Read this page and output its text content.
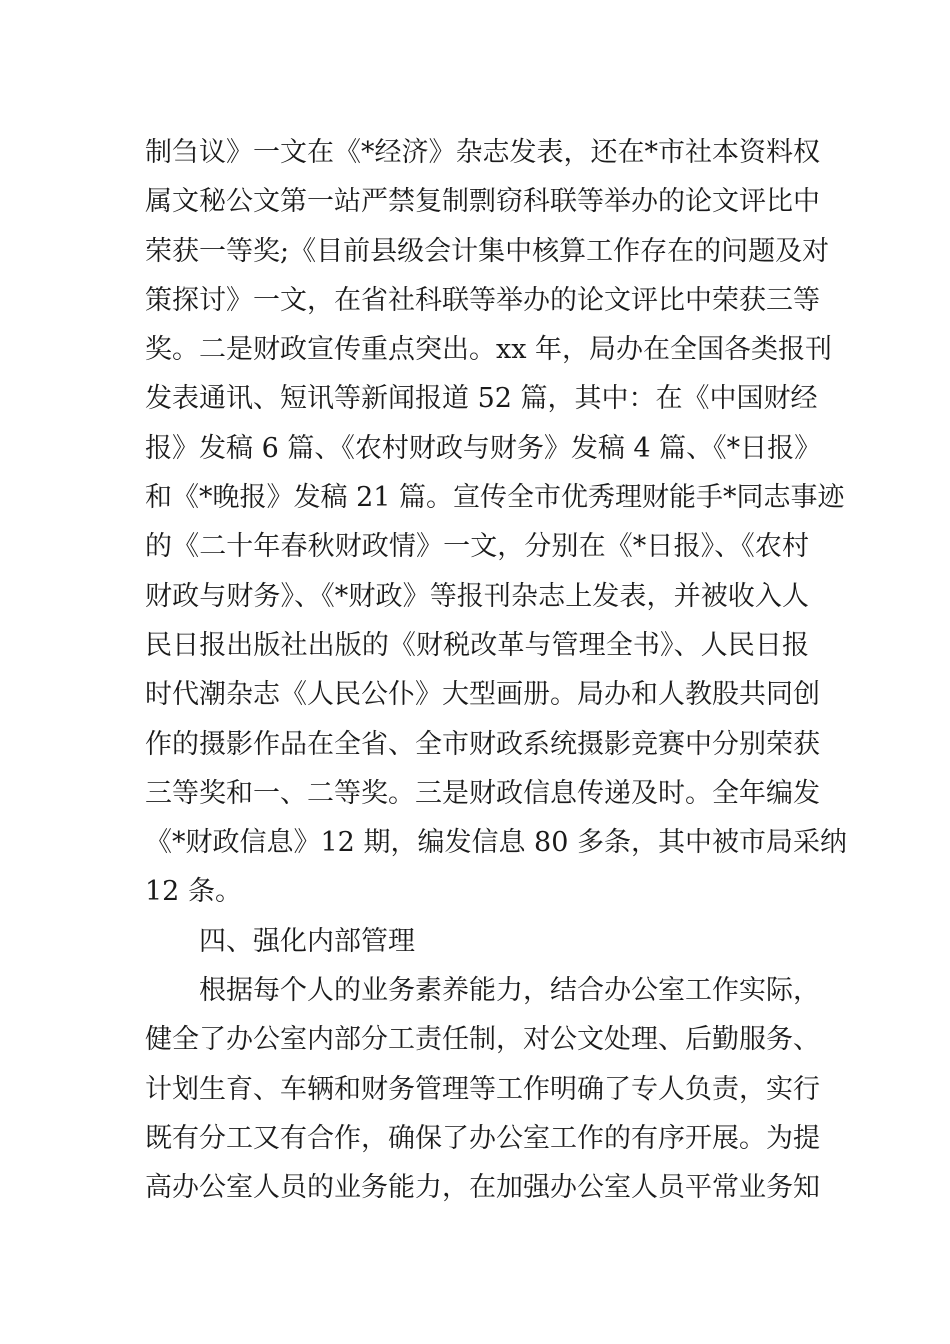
制刍议》一文在《*经济》杂志发表，还在*市社本资料权
属文秘公文第一站严禁复制剽窃科联等举办的论文评比中
荣获一等奖;《目前县级会计集中核算工作存在的问题及对
策探讨》一文，在省社科联等举办的论文评比中荣获三等
奖。二是财政宣传重点突出。xx 年，局办在全国各类报刊
发表通讯、短讯等新闻报道 52 篇，其中：在《中国财经
报》发稿 6 篇、《农村财政与财务》发稿 4 篇、《*日报》
和《*晚报》发稿 21 篇。宣传全市优秀理财能手*同志事迹
的《二十年春秋财政情》一文，分别在《*日报》、《农村
财政与财务》、《*财政》等报刊杂志上发表，并被收入人
民日报出版社出版的《财税改革与管理全书》、人民日报
时代潮杂志《人民公仆》大型画册。局办和人教股共同创
作的摄影作品在全省、全市财政系统摄影竞赛中分别荣获
三等奖和一、二等奖。三是财政信息传递及时。全年编发
《*财政信息》12 期，编发信息 80 多条，其中被市局采纳
12 条。
四、强化内部管理
根据每个人的业务素养能力，结合办公室工作实际，
健全了办公室内部分工责任制，对公文处理、后勤服务、
计划生育、车辆和财务管理等工作明确了专人负责，实行
既有分工又有合作，确保了办公室工作的有序开展。为提
高办公室人员的业务能力，在加强办公室人员平常业务知
